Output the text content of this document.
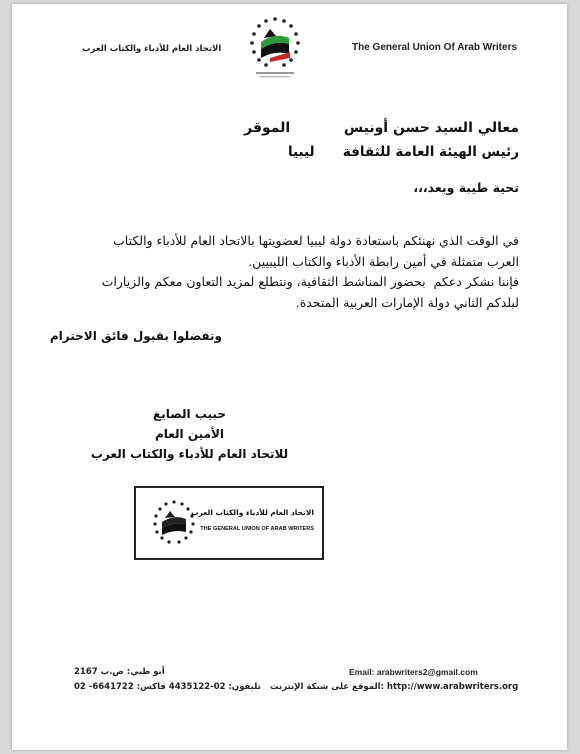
الاتحاد العام للأدباء والكتاب العرب	The General Union Of Arab Writers
معالي السيد حسن أونيس           الموقر
رئيس الهيئة العامة للثقافة      ليبيا
تحية طيبة وبعد،،،
في الوقت الذي نهنئكم باستعادة دولة ليبيا لعضويتها بالاتحاد العام للأدباء والكتاب
العرب متمثلة في أمين رابطة الأدباء والكتاب الليبيين.
فإننا نشكر دعكم  بحضور المناشط الثقافية، ونتطلع لمزيد التعاون معكم والزيارات
لبلدكم الثاني دولة الإمارات العربية المتحدة.
وتفضلوا بقبول فائق الاحترام
حبيب الصايغ
الأمين العام
للاتحاد العام للأدباء والكتاب العرب
الاتحاد العام للأدباء والكتاب العرب
THE GENERAL UNION OF ARAB WRITERS
أبو ظبي: ص.ب 2167
تليفون: 02-4435122 فاكس: 6641722- 02
Email: arabwriters2@gmail.com
الموقع على شبكة الإنترنت: http://www.arabwriters.org
